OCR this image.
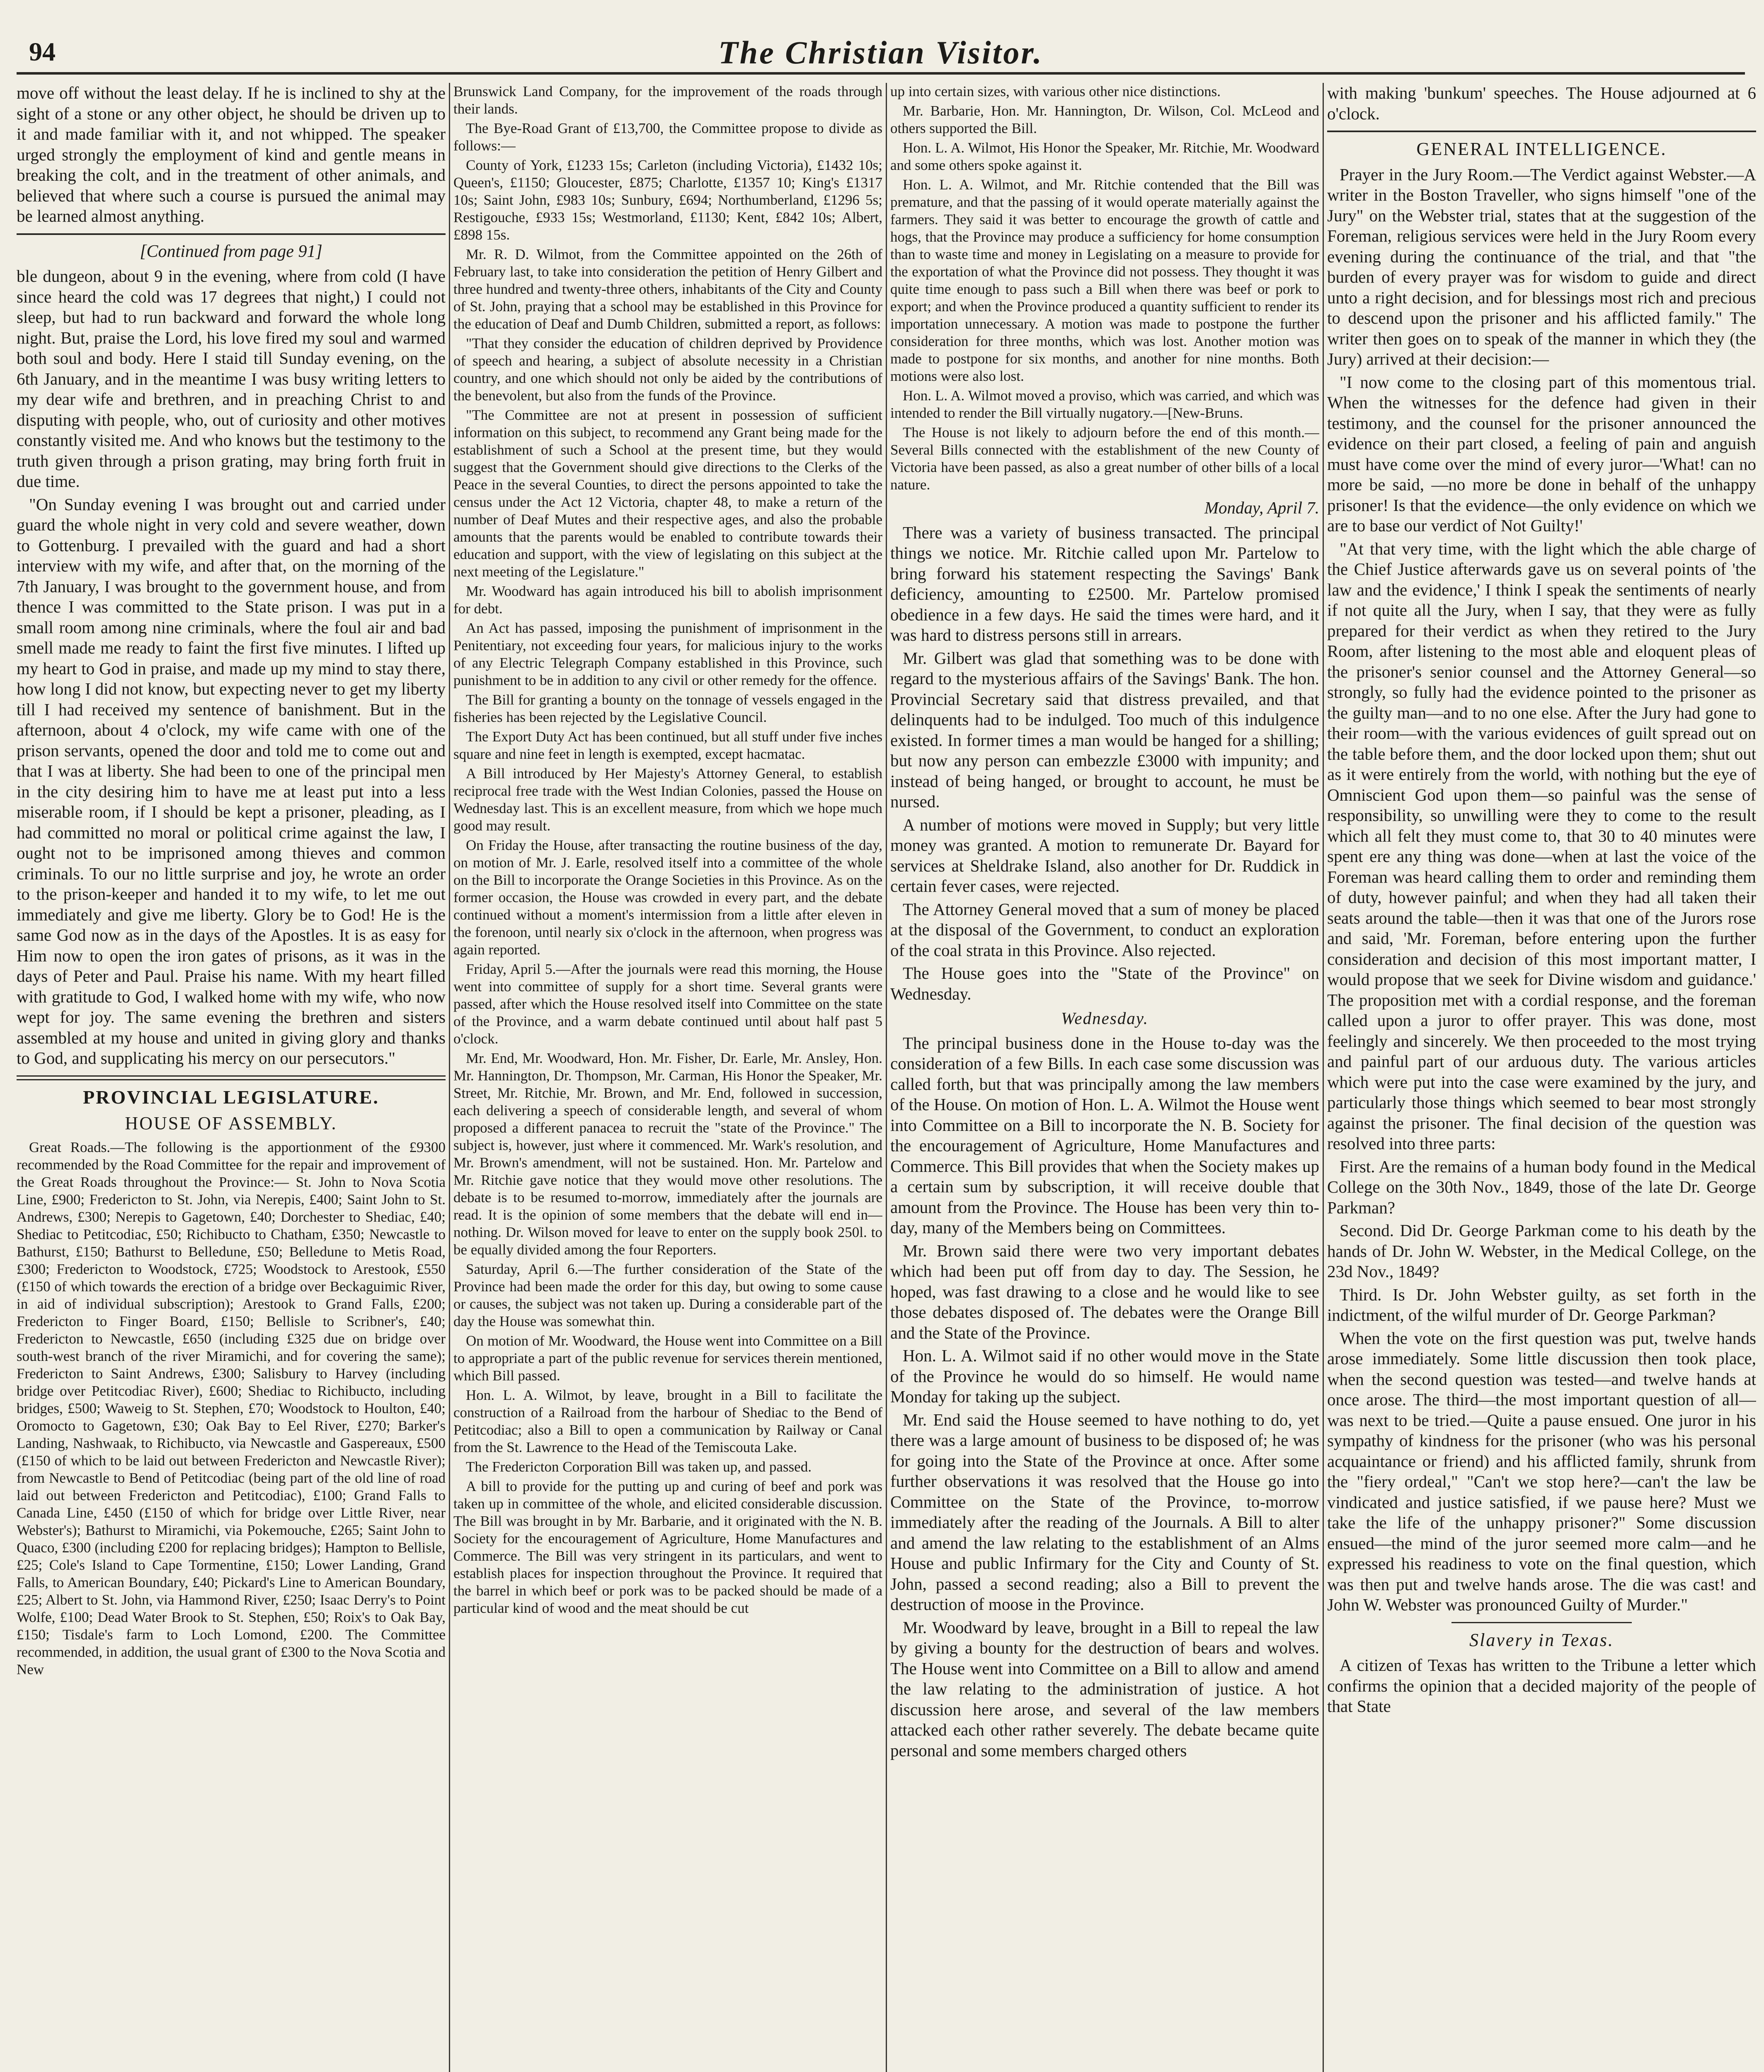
94	The Christian Visitor.

move off without the least delay. If he is inclined to shy at the sight of a stone or any other object, he should be driven up to it and made familiar with it, and not whipped. The speaker urged strongly the employment of kind and gentle means in breaking the colt, and in the treatment of other animals, and believed that where such a course is pursued the animal may be learned almost anything.

[Continued from page 91]

ble dungeon, about 9 in the evening, where from cold (I have since heard the cold was 17 degrees that night,) I could not sleep, but had to run backward and forward the whole long night. But, praise the Lord, his love fired my soul and warmed both soul and body. Here I staid till Sunday evening, on the 6th January, and in the meantime I was busy writing letters to my dear wife and brethren, and in preaching Christ to and disputing with people, who, out of curiosity and other motives constantly visited me. And who knows but the testimony to the truth given through a prison grating, may bring forth fruit in due time.

"On Sunday evening I was brought out and carried under guard the whole night in very cold and severe weather, down to Gottenburg. I prevailed with the guard and had a short interview with my wife, and after that, on the morning of the 7th January, I was brought to the government house, and from thence I was committed to the State prison. I was put in a small room among nine criminals, where the foul air and bad smell made me ready to faint the first five minutes. I lifted up my heart to God in praise, and made up my mind to stay there, how long I did not know, but expecting never to get my liberty till I had received my sentence of banishment. But in the afternoon, about 4 o'clock, my wife came with one of the prison servants, opened the door and told me to come out and that I was at liberty. She had been to one of the principal men in the city desiring him to have me at least put into a less miserable room, if I should be kept a prisoner, pleading, as I had committed no moral or political crime against the law, I ought not to be imprisoned among thieves and common criminals. To our no little surprise and joy, he wrote an order to the prison-keeper and handed it to my wife, to let me out immediately and give me liberty. Glory be to God! He is the same God now as in the days of the Apostles. It is as easy for Him now to open the iron gates of prisons, as it was in the days of Peter and Paul. Praise his name. With my heart filled with gratitude to God, I walked home with my wife, who now wept for joy. The same evening the brethren and sisters assembled at my house and united in giving glory and thanks to God, and supplicating his mercy on our persecutors."

PROVINCIAL LEGISLATURE.
HOUSE OF ASSEMBLY.

Great Roads.—The following is the apportionment of the £9300 recommended by the Road Committee for the repair and improvement of the Great Roads throughout the Province:— St. John to Nova Scotia Line, £900; Fredericton to St. John, via Nerepis, £400; Saint John to St. Andrews, £300; Nerepis to Gagetown, £40; Dorchester to Shediac, £40; Shediac to Petitcodiac, £50; Richibucto to Chatham, £350; Newcastle to Bathurst, £150; Bathurst to Belledune, £50; Belledune to Metis Road, £300; Fredericton to Woodstock, £725; Woodstock to Arestook, £550 (£150 of which towards the erection of a bridge over Beckaguimic River, in aid of individual subscription); Arestook to Grand Falls, £200; Fredericton to Finger Board, £150; Bellisle to Scribner's, £40; Fredericton to Newcastle, £650 (including £325 due on bridge over south-west branch of the river Miramichi, and for covering the same); Fredericton to Saint Andrews, £300; Salisbury to Harvey (including bridge over Petitcodiac River), £600; Shediac to Richibucto, including bridges, £500; Waweig to St. Stephen, £70; Woodstock to Houlton, £40; Oromocto to Gagetown, £30; Oak Bay to Eel River, £270; Barker's Landing, Nashwaak, to Richibucto, via Newcastle and Gaspereaux, £500 (£150 of which to be laid out between Fredericton and Newcastle River); from Newcastle to Bend of Petitcodiac (being part of the old line of road laid out between Fredericton and Petitcodiac), £100; Grand Falls to Canada Line, £450 (£150 of which for bridge over Little River, near Webster's); Bathurst to Miramichi, via Pokemouche, £265; Saint John to Quaco, £300 (including £200 for replacing bridges); Hampton to Bellisle, £25; Cole's Island to Cape Tormentine, £150; Lower Landing, Grand Falls, to American Boundary, £40; Pickard's Line to American Boundary, £25; Albert to St. John, via Hammond River, £250; Isaac Derry's to Point Wolfe, £100; Dead Water Brook to St. Stephen, £50; Roix's to Oak Bay, £150; Tisdale's farm to Loch Lomond, £200. The Committee recommended, in addition, the usual grant of £300 to the Nova Scotia and New

Brunswick Land Company, for the improvement of the roads through their lands.

The Bye-Road Grant of £13,700, the Committee propose to divide as follows:—

County of York, £1233 15s; Carleton (including Victoria), £1432 10s; Queen's, £1150; Gloucester, £875; Charlotte, £1357 10; King's £1317 10s; Saint John, £983 10s; Sunbury, £694; Northumberland, £1296 5s; Restigouche, £933 15s; Westmorland, £1130; Kent, £842 10s; Albert, £898 15s.

Mr. R. D. Wilmot, from the Committee appointed on the 26th of February last, to take into consideration the petition of Henry Gilbert and three hundred and twenty-three others, inhabitants of the City and County of St. John, praying that a school may be established in this Province for the education of Deaf and Dumb Children, submitted a report, as follows:

"That they consider the education of children deprived by Providence of speech and hearing, a subject of absolute necessity in a Christian country, and one which should not only be aided by the contributions of the benevolent, but also from the funds of the Province.

"The Committee are not at present in possession of sufficient information on this subject, to recommend any Grant being made for the establishment of such a School at the present time, but they would suggest that the Government should give directions to the Clerks of the Peace in the several Counties, to direct the persons appointed to take the census under the Act 12 Victoria, chapter 48, to make a return of the number of Deaf Mutes and their respective ages, and also the probable amounts that the parents would be enabled to contribute towards their education and support, with the view of legislating on this subject at the next meeting of the Legislature."

Mr. Woodward has again introduced his bill to abolish imprisonment for debt.

An Act has passed, imposing the punishment of imprisonment in the Penitentiary, not exceeding four years, for malicious injury to the works of any Electric Telegraph Company established in this Province, such punishment to be in addition to any civil or other remedy for the offence.

The Bill for granting a bounty on the tonnage of vessels engaged in the fisheries has been rejected by the Legislative Council.

The Export Duty Act has been continued, but all stuff under five inches square and nine feet in length is exempted, except hacmatac.

A Bill introduced by Her Majesty's Attorney General, to establish reciprocal free trade with the West Indian Colonies, passed the House on Wednesday last. This is an excellent measure, from which we hope much good may result.

On Friday the House, after transacting the routine business of the day, on motion of Mr. J. Earle, resolved itself into a committee of the whole on the Bill to incorporate the Orange Societies in this Province. As on the former occasion, the House was crowded in every part, and the debate continued without a moment's intermission from a little after eleven in the forenoon, until nearly six o'clock in the afternoon, when progress was again reported.

Friday, April 5.—After the journals were read this morning, the House went into committee of supply for a short time. Several grants were passed, after which the House resolved itself into Committee on the state of the Province, and a warm debate continued until about half past 5 o'clock.

Mr. End, Mr. Woodward, Hon. Mr. Fisher, Dr. Earle, Mr. Ansley, Hon. Mr. Hannington, Dr. Thompson, Mr. Carman, His Honor the Speaker, Mr. Street, Mr. Ritchie, Mr. Brown, and Mr. End, followed in succession, each delivering a speech of considerable length, and several of whom proposed a different panacea to recruit the "state of the Province." The subject is, however, just where it commenced. Mr. Wark's resolution, and Mr. Brown's amendment, will not be sustained. Hon. Mr. Partelow and Mr. Ritchie gave notice that they would move other resolutions. The debate is to be resumed to-morrow, immediately after the journals are read. It is the opinion of some members that the debate will end in—nothing. Dr. Wilson moved for leave to enter on the supply book 250l. to be equally divided among the four Reporters.

Saturday, April 6.—The further consideration of the State of the Province had been made the order for this day, but owing to some cause or causes, the subject was not taken up. During a considerable part of the day the House was somewhat thin.

On motion of Mr. Woodward, the House went into Committee on a Bill to appropriate a part of the public revenue for services therein mentioned, which Bill passed.

Hon. L. A. Wilmot, by leave, brought in a Bill to facilitate the construction of a Railroad from the harbour of Shediac to the Bend of Petitcodiac; also a Bill to open a communication by Railway or Canal from the St. Lawrence to the Head of the Temiscouta Lake.

The Fredericton Corporation Bill was taken up, and passed.

A bill to provide for the putting up and curing of beef and pork was taken up in committee of the whole, and elicited considerable discussion. The Bill was brought in by Mr. Barbarie, and it originated with the N. B. Society for the encouragement of Agriculture, Home Manufactures and Commerce. The Bill was very stringent in its particulars, and went to establish places for inspection throughout the Province. It required that the barrel in which beef or pork was to be packed should be made of a particular kind of wood and the meat should be cut

up into certain sizes, with various other nice distinctions.

Mr. Barbarie, Hon. Mr. Hannington, Dr. Wilson, Col. McLeod and others supported the Bill.

Hon. L. A. Wilmot, His Honor the Speaker, Mr. Ritchie, Mr. Woodward and some others spoke against it.

Hon. L. A. Wilmot, and Mr. Ritchie contended that the Bill was premature, and that the passing of it would operate materially against the farmers. They said it was better to encourage the growth of cattle and hogs, that the Province may produce a sufficiency for home consumption than to waste time and money in Legislating on a measure to provide for the exportation of what the Province did not possess. They thought it was quite time enough to pass such a Bill when there was beef or pork to export; and when the Province produced a quantity sufficient to render its importation unnecessary. A motion was made to postpone the further consideration for three months, which was lost. Another motion was made to postpone for six months, and another for nine months. Both motions were also lost.

Hon. L. A. Wilmot moved a proviso, which was carried, and which was intended to render the Bill virtually nugatory.—[New-Bruns.

The House is not likely to adjourn before the end of this month.—Several Bills connected with the establishment of the new County of Victoria have been passed, as also a great number of other bills of a local nature.

Monday, April 7.

There was a variety of business transacted. The principal things we notice. Mr. Ritchie called upon Mr. Partelow to bring forward his statement respecting the Savings' Bank deficiency, amounting to £2500. Mr. Partelow promised obedience in a few days. He said the times were hard, and it was hard to distress persons still in arrears.

Mr. Gilbert was glad that something was to be done with regard to the mysterious affairs of the Savings' Bank. The hon. Provincial Secretary said that distress prevailed, and that delinquents had to be indulged. Too much of this indulgence existed. In former times a man would be hanged for a shilling; but now any person can embezzle £3000 with impunity; and instead of being hanged, or brought to account, he must be nursed.

A number of motions were moved in Supply; but very little money was granted. A motion to remunerate Dr. Bayard for services at Sheldrake Island, also another for Dr. Ruddick in certain fever cases, were rejected.

The Attorney General moved that a sum of money be placed at the disposal of the Government, to conduct an exploration of the coal strata in this Province. Also rejected.

The House goes into the "State of the Province" on Wednesday.

Wednesday.

The principal business done in the House to-day was the consideration of a few Bills. In each case some discussion was called forth, but that was principally among the law members of the House. On motion of Hon. L. A. Wilmot the House went into Committee on a Bill to incorporate the N. B. Society for the encouragement of Agriculture, Home Manufactures and Commerce. This Bill provides that when the Society makes up a certain sum by subscription, it will receive double that amount from the Province. The House has been very thin to-day, many of the Members being on Committees.

Mr. Brown said there were two very important debates which had been put off from day to day. The Session, he hoped, was fast drawing to a close and he would like to see those debates disposed of. The debates were the Orange Bill and the State of the Province.

Hon. L. A. Wilmot said if no other would move in the State of the Province he would do so himself. He would name Monday for taking up the subject.

Mr. End said the House seemed to have nothing to do, yet there was a large amount of business to be disposed of; he was for going into the State of the Province at once. After some further observations it was resolved that the House go into Committee on the State of the Province, to-morrow immediately after the reading of the Journals. A Bill to alter and amend the law relating to the establishment of an Alms House and public Infirmary for the City and County of St. John, passed a second reading; also a Bill to prevent the destruction of moose in the Province.

Mr. Woodward by leave, brought in a Bill to repeal the law by giving a bounty for the destruction of bears and wolves. The House went into Committee on a Bill to allow and amend the law relating to the administration of justice. A hot discussion here arose, and several of the law members attacked each other rather severely. The debate became quite personal and some members charged others

with making 'bunkum' speeches. The House adjourned at 6 o'clock.

GENERAL INTELLIGENCE.

Prayer in the Jury Room.—The Verdict against Webster.—A writer in the Boston Traveller, who signs himself "one of the Jury" on the Webster trial, states that at the suggestion of the Foreman, religious services were held in the Jury Room every evening during the continuance of the trial, and that "the burden of every prayer was for wisdom to guide and direct unto a right decision, and for blessings most rich and precious to descend upon the prisoner and his afflicted family." The writer then goes on to speak of the manner in which they (the Jury) arrived at their decision:—

"I now come to the closing part of this momentous trial. When the witnesses for the defence had given in their testimony, and the counsel for the prisoner announced the evidence on their part closed, a feeling of pain and anguish must have come over the mind of every juror—'What! can no more be said, —no more be done in behalf of the unhappy prisoner! Is that the evidence—the only evidence on which we are to base our verdict of Not Guilty!'

"At that very time, with the light which the able charge of the Chief Justice afterwards gave us on several points of 'the law and the evidence,' I think I speak the sentiments of nearly if not quite all the Jury, when I say, that they were as fully prepared for their verdict as when they retired to the Jury Room, after listening to the most able and eloquent pleas of the prisoner's senior counsel and the Attorney General—so strongly, so fully had the evidence pointed to the prisoner as the guilty man—and to no one else. After the Jury had gone to their room—with the various evidences of guilt spread out on the table before them, and the door locked upon them; shut out as it were entirely from the world, with nothing but the eye of Omniscient God upon them—so painful was the sense of responsibility, so unwilling were they to come to the result which all felt they must come to, that 30 to 40 minutes were spent ere any thing was done—when at last the voice of the Foreman was heard calling them to order and reminding them of duty, however painful; and when they had all taken their seats around the table—then it was that one of the Jurors rose and said, 'Mr. Foreman, before entering upon the further consideration and decision of this most important matter, I would propose that we seek for Divine wisdom and guidance.' The proposition met with a cordial response, and the foreman called upon a juror to offer prayer. This was done, most feelingly and sincerely. We then proceeded to the most trying and painful part of our arduous duty. The various articles which were put into the case were examined by the jury, and particularly those things which seemed to bear most strongly against the prisoner. The final decision of the question was resolved into three parts:

First. Are the remains of a human body found in the Medical College on the 30th Nov., 1849, those of the late Dr. George Parkman?

Second. Did Dr. George Parkman come to his death by the hands of Dr. John W. Webster, in the Medical College, on the 23d Nov., 1849?

Third. Is Dr. John Webster guilty, as set forth in the indictment, of the wilful murder of Dr. George Parkman?

When the vote on the first question was put, twelve hands arose immediately. Some little discussion then took place, when the second question was tested—and twelve hands at once arose. The third—the most important question of all—was next to be tried.—Quite a pause ensued. One juror in his sympathy of kindness for the prisoner (who was his personal acquaintance or friend) and his afflicted family, shrunk from the "fiery ordeal," "Can't we stop here?—can't the law be vindicated and justice satisfied, if we pause here? Must we take the life of the unhappy prisoner?" Some discussion ensued—the mind of the juror seemed more calm—and he expressed his readiness to vote on the final question, which was then put and twelve hands arose. The die was cast! and John W. Webster was pronounced Guilty of Murder."

Slavery in Texas.

A citizen of Texas has written to the Tribune a letter which confirms the opinion that a decided majority of the people of that State
